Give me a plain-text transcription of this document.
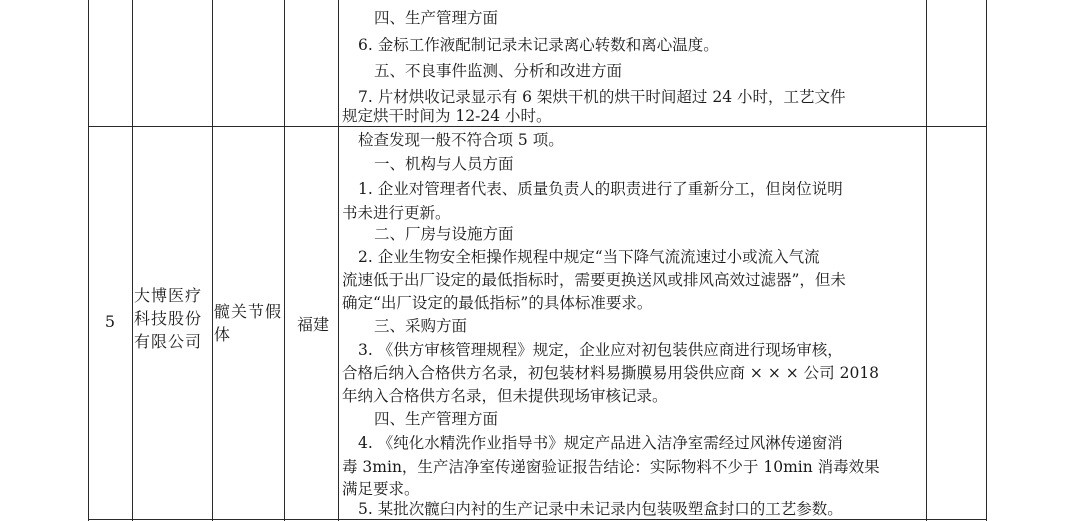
四、生产管理方面
6. 金标工作液配制记录未记录离心转数和离心温度。
五、不良事件监测、分析和改进方面
7. 片材烘收记录显示有 6 架烘干机的烘干时间超过 24 小时，工艺文件
规定烘干时间为 12-24 小时。
5
大博医疗科技股份有限公司
髋关节假体
福建
检查发现一般不符合项 5 项。
一、机构与人员方面
1. 企业对管理者代表、质量负责人的职责进行了重新分工，但岗位说明
书未进行更新。
二、厂房与设施方面
2. 企业生物安全柜操作规程中规定“当下降气流流速过小或流入气流
流速低于出厂设定的最低指标时，需要更换送风或排风高效过滤器”，但未
确定“出厂设定的最低指标”的具体标准要求。
三、采购方面
3. 《供方审核管理规程》规定，企业应对初包装供应商进行现场审核，
合格后纳入合格供方名录，初包装材料易撕膜易用袋供应商 × × × 公司 2018
年纳入合格供方名录，但未提供现场审核记录。
四、生产管理方面
4. 《纯化水精洗作业指导书》规定产品进入洁净室需经过风淋传递窗消
毒 3min，生产洁净室传递窗验证报告结论：实际物料不少于 10min 消毒效果
满足要求。
5. 某批次髋臼内衬的生产记录中未记录内包装吸塑盒封口的工艺参数。
